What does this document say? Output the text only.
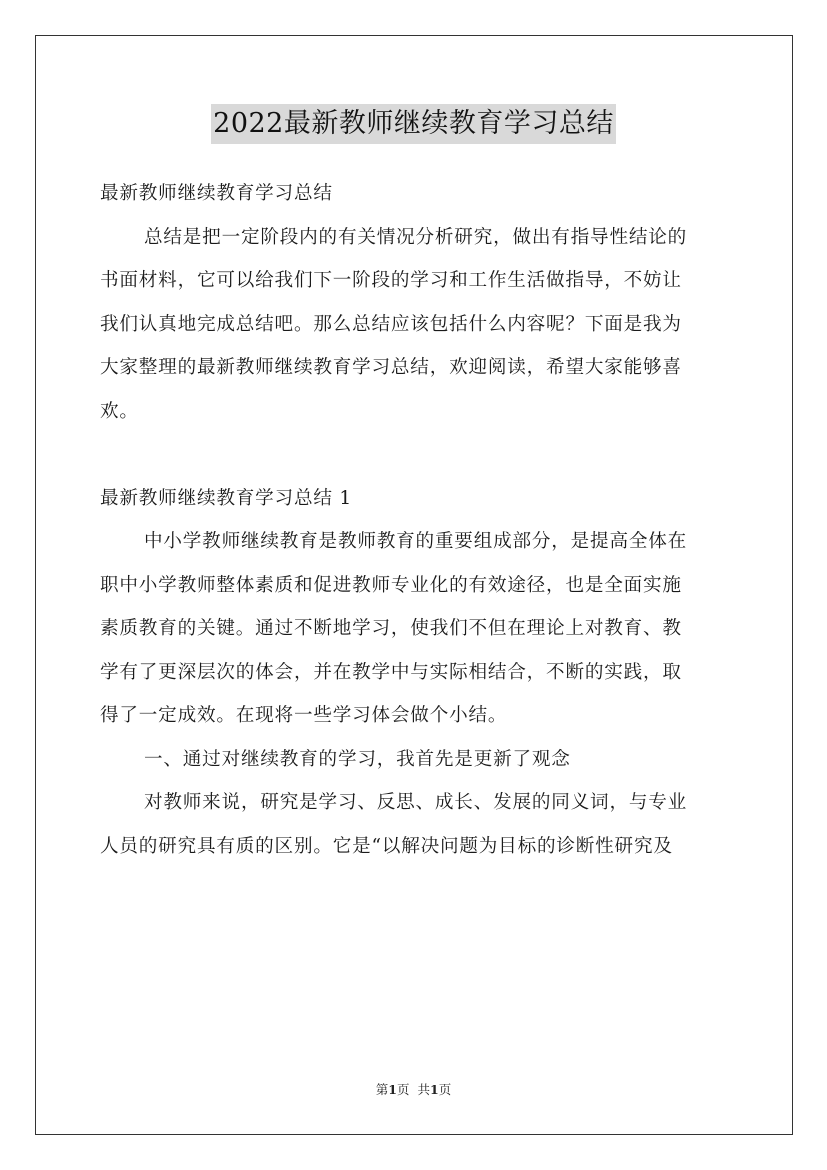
2022最新教师继续教育学习总结
最新教师继续教育学习总结
总结是把一定阶段内的有关情况分析研究，做出有指导性结论的
书面材料，它可以给我们下一阶段的学习和工作生活做指导，不妨让
我们认真地完成总结吧。那么总结应该包括什么内容呢？下面是我为
大家整理的最新教师继续教育学习总结，欢迎阅读，希望大家能够喜
欢。
最新教师继续教育学习总结 1
中小学教师继续教育是教师教育的重要组成部分，是提高全体在
职中小学教师整体素质和促进教师专业化的有效途径，也是全面实施
素质教育的关键。通过不断地学习，使我们不但在理论上对教育、教
学有了更深层次的体会，并在教学中与实际相结合，不断的实践，取
得了一定成效。在现将一些学习体会做个小结。
一、通过对继续教育的学习，我首先是更新了观念
对教师来说，研究是学习、反思、成长、发展的同义词，与专业
人员的研究具有质的区别。它是“以解决问题为目标的诊断性研究及
第1页 共1页
